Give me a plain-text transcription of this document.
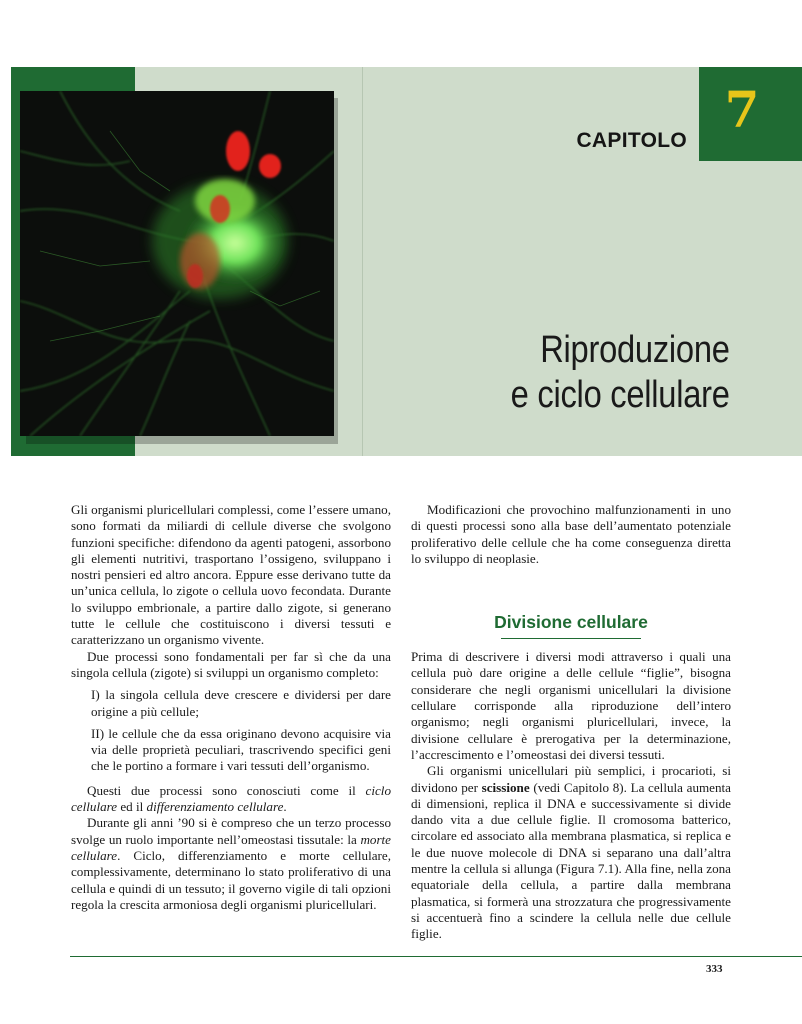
7
CAPITOLO
Riproduzione
e ciclo cellulare

Gli organismi pluricellulari complessi, come l’essere umano, sono formati da miliardi di cellule diverse che svolgono funzioni specifiche: difendono da agenti patogeni, assorbono gli elementi nutritivi, trasportano l’ossigeno, sviluppano i nostri pensieri ed altro ancora. Eppure esse derivano tutte da un’unica cellula, lo zigote o cellula uovo fecondata. Durante lo sviluppo embrionale, a partire dallo zigote, si generano tutte le cellule che costituiscono i diversi tessuti e caratterizzano un organismo vivente.

Due processi sono fondamentali per far sì che da una singola cellula (zigote) si sviluppi un organismo completo:

I) la singola cellula deve crescere e dividersi per dare origine a più cellule;

II) le cellule che da essa originano devono acquisire via via delle proprietà peculiari, trascrivendo specifici geni che le portino a formare i vari tessuti dell’organismo.

Questi due processi sono conosciuti come il ciclo cellulare ed il differenziamento cellulare.

Durante gli anni ’90 si è compreso che un terzo processo svolge un ruolo importante nell’omeostasi tissutale: la morte cellulare. Ciclo, differenziamento e morte cellulare, complessivamente, determinano lo stato proliferativo di una cellula e quindi di un tessuto; il governo vigile di tali opzioni regola la crescita armoniosa degli organismi pluricellulari.

Modificazioni che provochino malfunzionamenti in uno di questi processi sono alla base dell’aumentato potenziale proliferativo delle cellule che ha come conseguenza diretta lo sviluppo di neoplasie.

Divisione cellulare

Prima di descrivere i diversi modi attraverso i quali una cellula può dare origine a delle cellule “figlie”, bisogna considerare che negli organismi unicellulari la divisione cellulare corrisponde alla riproduzione dell’intero organismo; negli organismi pluricellulari, invece, la divisione cellulare è prerogativa per la determinazione, l’accrescimento e l’omeostasi dei diversi tessuti.

Gli organismi unicellulari più semplici, i procarioti, si dividono per scissione (vedi Capitolo 8). La cellula aumenta di dimensioni, replica il DNA e successivamente si divide dando vita a due cellule figlie. Il cromosoma batterico, circolare ed associato alla membrana plasmatica, si replica e le due nuove molecole di DNA si separano una dall’altra mentre la cellula si allunga (Figura 7.1). Alla fine, nella zona equatoriale della cellula, a partire dalla membrana plasmatica, si formerà una strozzatura che progressivamente si accentuerà fino a scindere la cellula nelle due cellule figlie.

333
